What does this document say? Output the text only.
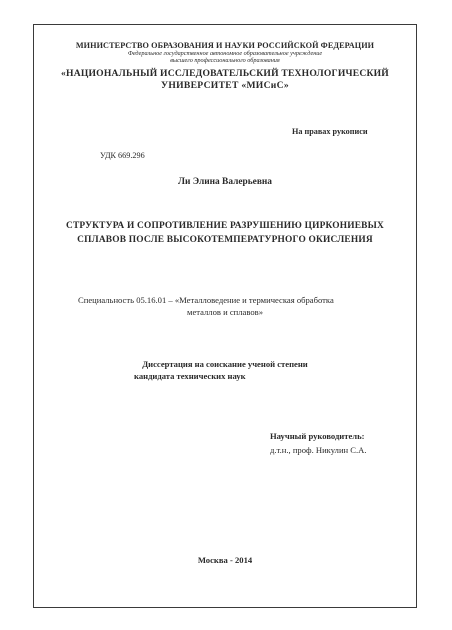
МИНИСТЕРСТВО ОБРАЗОВАНИЯ И НАУКИ РОССИЙСКОЙ ФЕДЕРАЦИИ

Федеральное государственное автономное образовательное учреждение

высшего профессионального образования

«НАЦИОНАЛЬНЫЙ ИССЛЕДОВАТЕЛЬСКИЙ ТЕХНОЛОГИЧЕСКИЙ

УНИВЕРСИТЕТ «МИСиС»

На правах рукописи

УДК 669.296

Ли Элина Валерьевна

СТРУКТУРА И СОПРОТИВЛЕНИЕ РАЗРУШЕНИЮ ЦИРКОНИЕВЫХ

СПЛАВОВ ПОСЛЕ ВЫСОКОТЕМПЕРАТУРНОГО ОКИСЛЕНИЯ

Специальность 05.16.01 – «Металловедение и термическая обработка

металлов и сплавов»

Диссертация на соискание ученой степени

кандидата технических наук

Научный руководитель:

д.т.н., проф. Никулин С.А.

Москва - 2014
